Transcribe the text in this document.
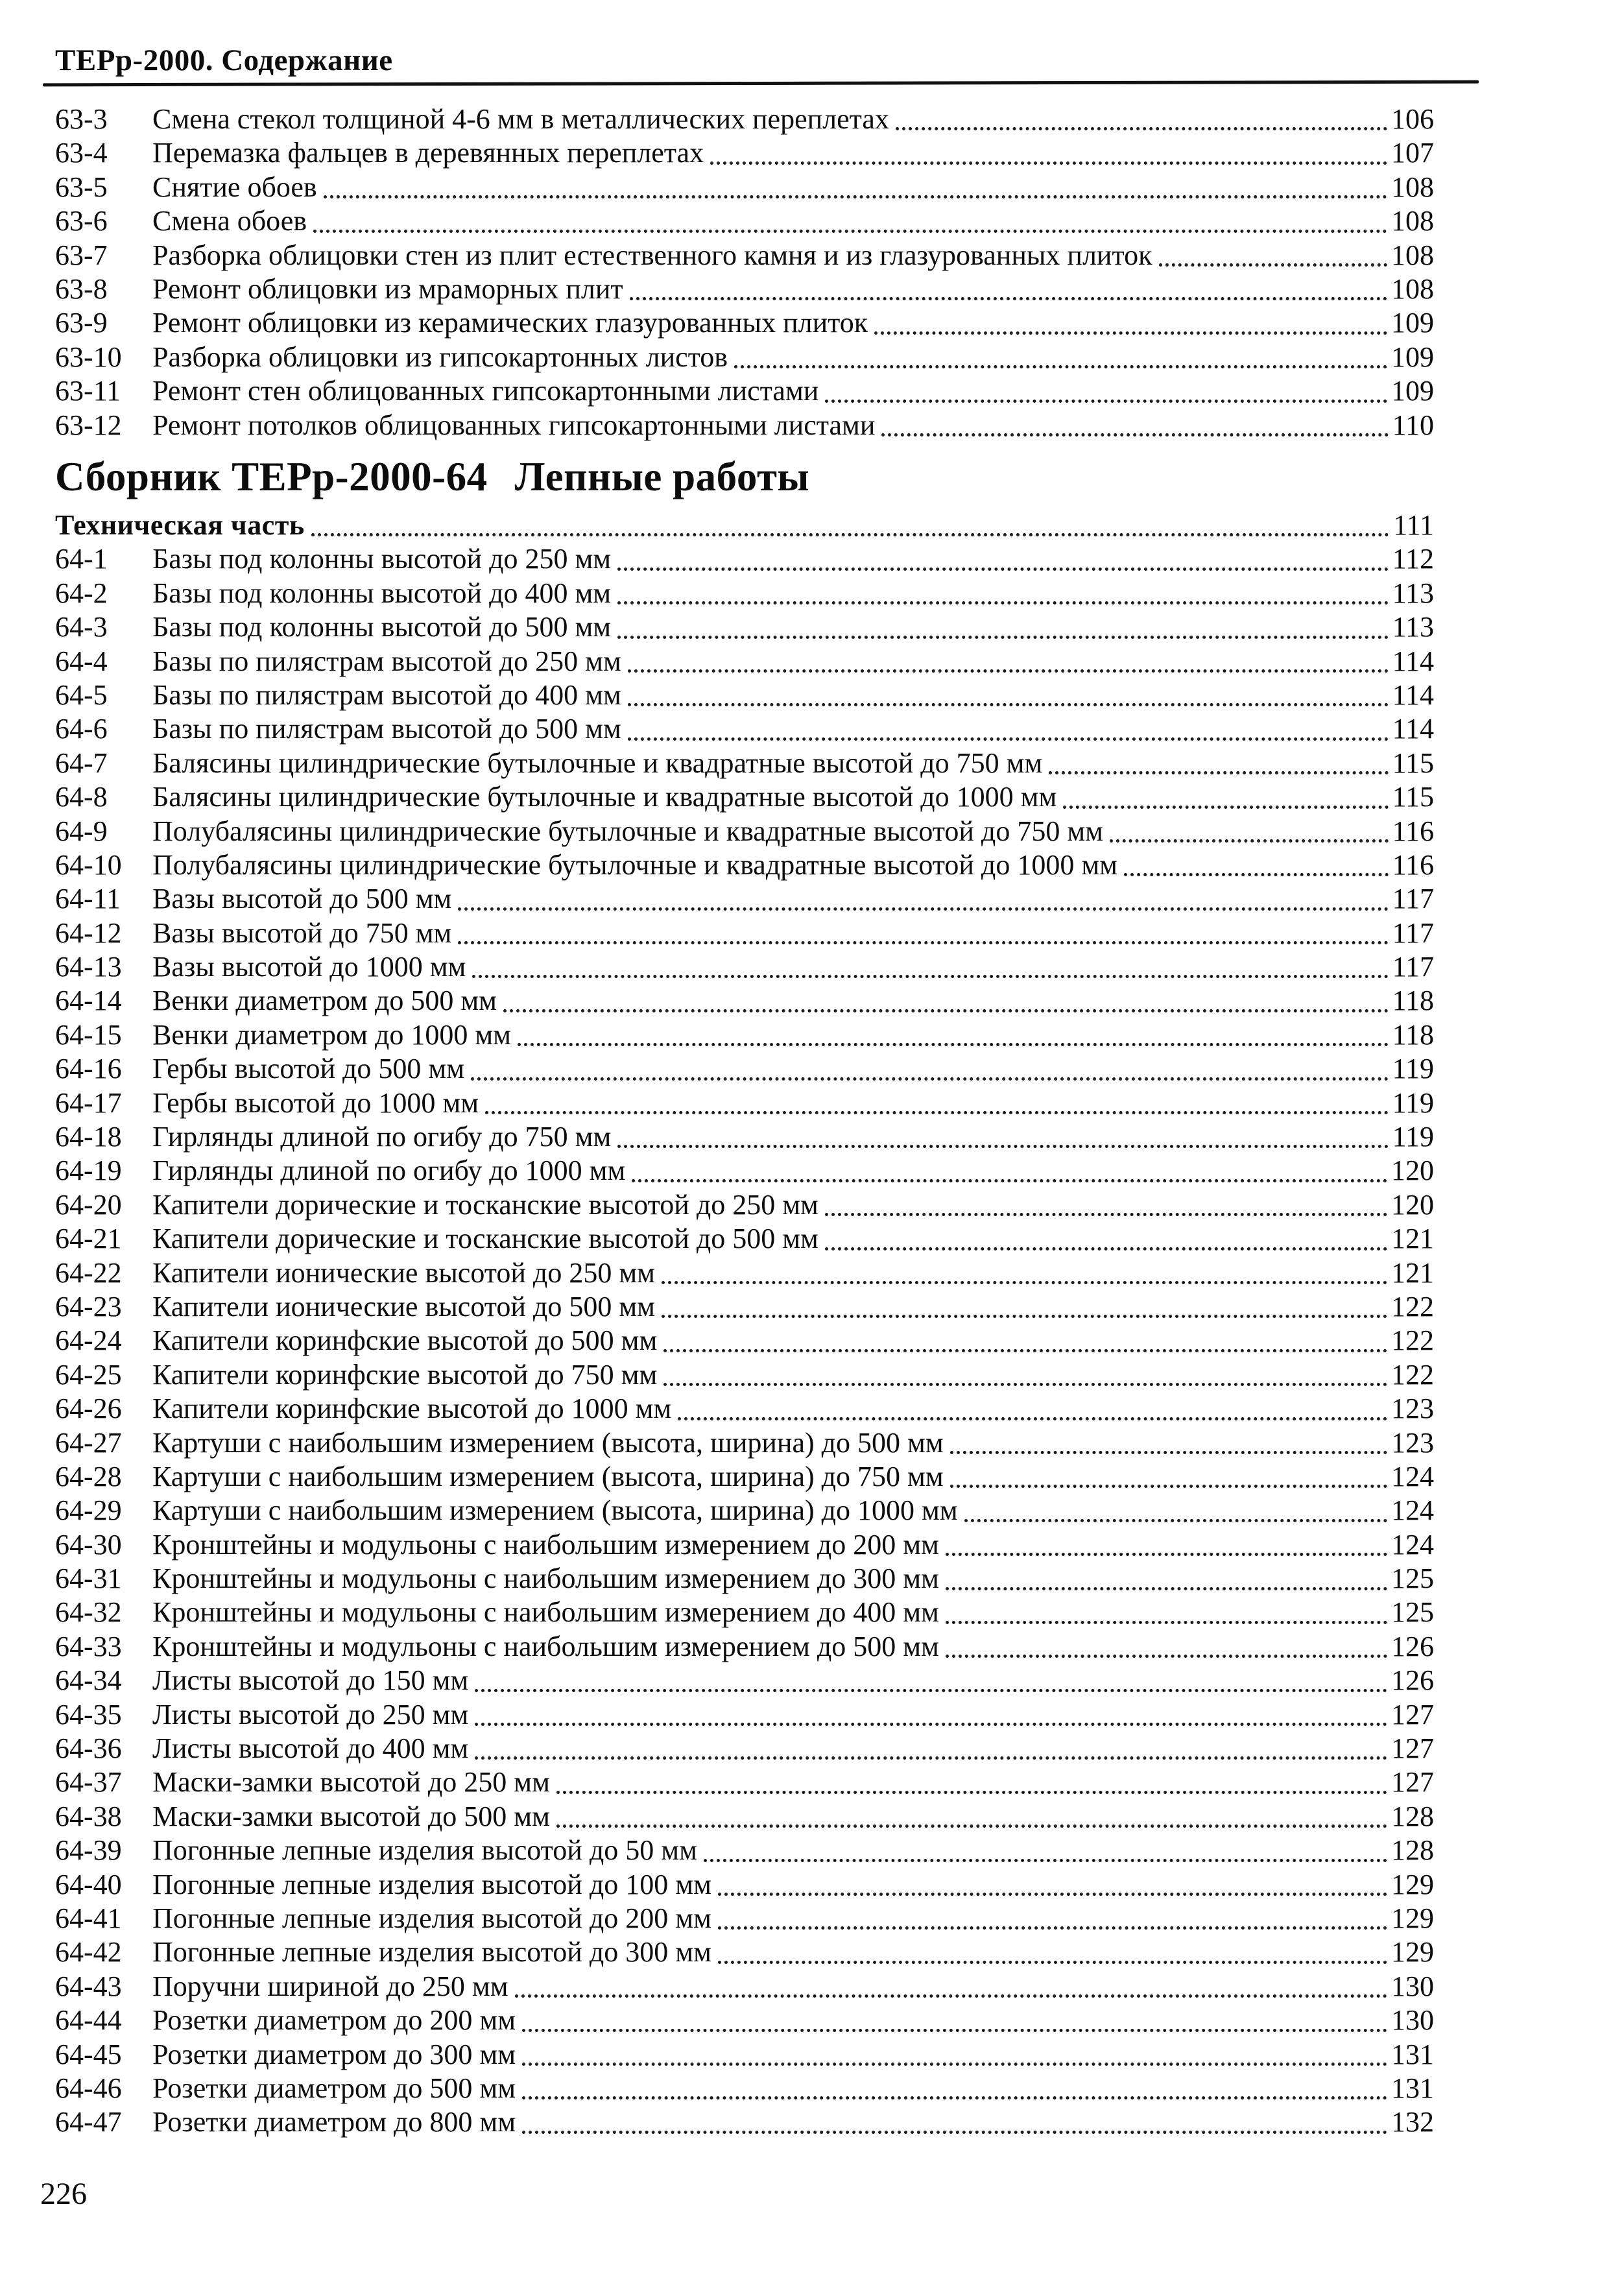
ТЕРр-2000. Содержание
63-3	Смена стекол толщиной 4-6 мм в металлических переплетах	106
63-4	Перемазка фальцев в деревянных переплетах	107
63-5	Снятие обоев	108
63-6	Смена обоев	108
63-7	Разборка облицовки стен из плит естественного камня и из глазурованных плиток	108
63-8	Ремонт облицовки из мраморных плит	108
63-9	Ремонт облицовки из керамических глазурованных плиток	109
63-10	Разборка облицовки из гипсокартонных листов	109
63-11	Ремонт стен облицованных гипсокартонными листами	109
63-12	Ремонт потолков облицованных гипсокартонными листами	110
Сборник ТЕРр-2000-64 Лепные работы
Техническая часть	111
64-1	Базы под колонны высотой до 250 мм	112
64-2	Базы под колонны высотой до 400 мм	113
64-3	Базы под колонны высотой до 500 мм	113
64-4	Базы по пилястрам высотой до 250 мм	114
64-5	Базы по пилястрам высотой до 400 мм	114
64-6	Базы по пилястрам высотой до 500 мм	114
64-7	Балясины цилиндрические бутылочные и квадратные высотой до 750 мм	115
64-8	Балясины цилиндрические бутылочные и квадратные высотой до 1000 мм	115
64-9	Полубалясины цилиндрические бутылочные и квадратные высотой до 750 мм	116
64-10	Полубалясины цилиндрические бутылочные и квадратные высотой до 1000 мм	116
64-11	Вазы высотой до 500 мм	117
64-12	Вазы высотой до 750 мм	117
64-13	Вазы высотой до 1000 мм	117
64-14	Венки диаметром до 500 мм	118
64-15	Венки диаметром до 1000 мм	118
64-16	Гербы высотой до 500 мм	119
64-17	Гербы высотой до 1000 мм	119
64-18	Гирлянды длиной по огибу до 750 мм	119
64-19	Гирлянды длиной по огибу до 1000 мм	120
64-20	Капители дорические и тосканские высотой до 250 мм	120
64-21	Капители дорические и тосканские высотой до 500 мм	121
64-22	Капители ионические высотой до 250 мм	121
64-23	Капители ионические высотой до 500 мм	122
64-24	Капители коринфские высотой до 500 мм	122
64-25	Капители коринфские высотой до 750 мм	122
64-26	Капители коринфские высотой до 1000 мм	123
64-27	Картуши с наибольшим измерением (высота, ширина) до 500 мм	123
64-28	Картуши с наибольшим измерением (высота, ширина) до 750 мм	124
64-29	Картуши с наибольшим измерением (высота, ширина) до 1000 мм	124
64-30	Кронштейны и модульоны с наибольшим измерением до 200 мм	124
64-31	Кронштейны и модульоны с наибольшим измерением до 300 мм	125
64-32	Кронштейны и модульоны с наибольшим измерением до 400 мм	125
64-33	Кронштейны и модульоны с наибольшим измерением до 500 мм	126
64-34	Листы высотой до 150 мм	126
64-35	Листы высотой до 250 мм	127
64-36	Листы высотой до 400 мм	127
64-37	Маски-замки высотой до 250 мм	127
64-38	Маски-замки высотой до 500 мм	128
64-39	Погонные лепные изделия высотой до 50 мм	128
64-40	Погонные лепные изделия высотой до 100 мм	129
64-41	Погонные лепные изделия высотой до 200 мм	129
64-42	Погонные лепные изделия высотой до 300 мм	129
64-43	Поручни шириной до 250 мм	130
64-44	Розетки диаметром до 200 мм	130
64-45	Розетки диаметром до 300 мм	131
64-46	Розетки диаметром до 500 мм	131
64-47	Розетки диаметром до 800 мм	132
226
